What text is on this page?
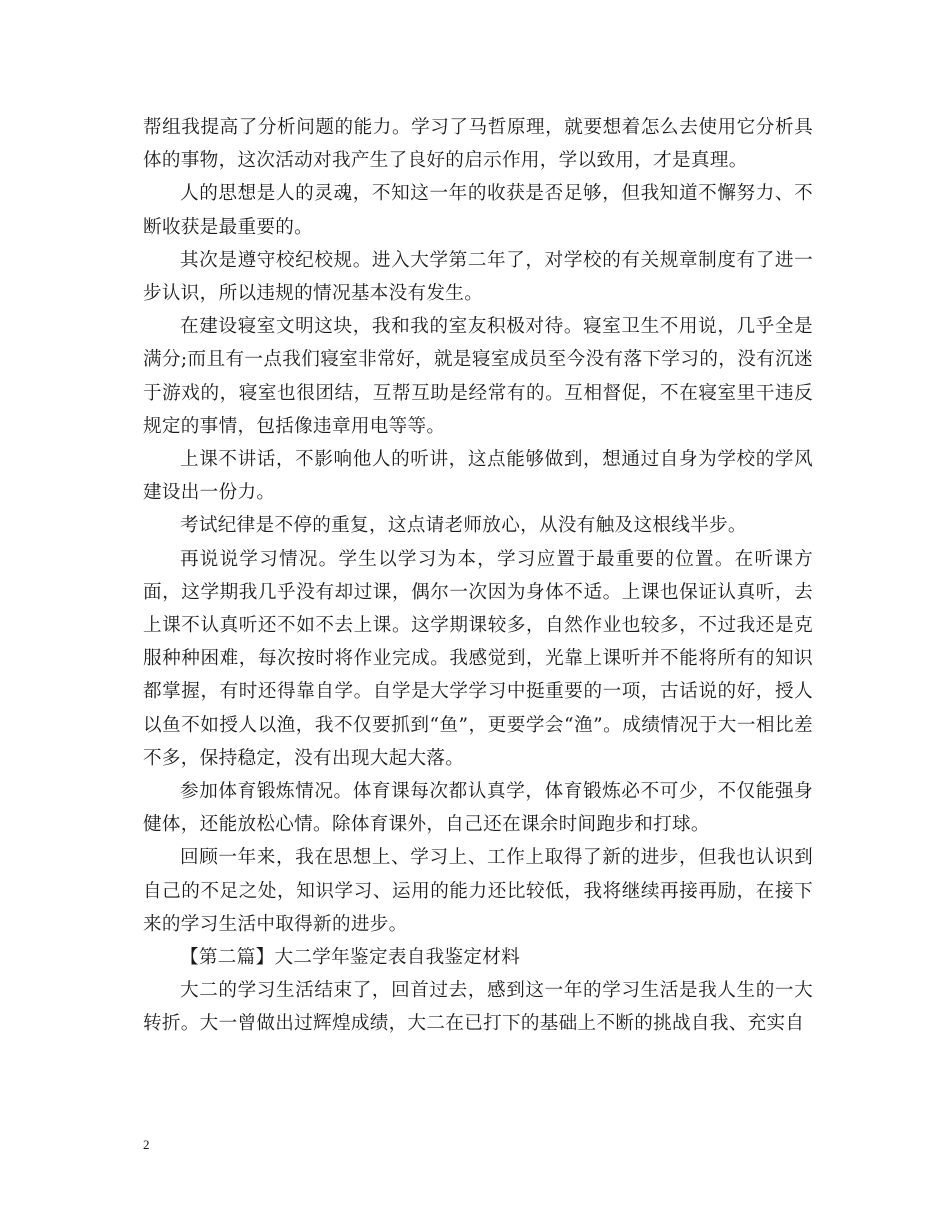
帮组我提高了分析问题的能力。学习了马哲原理，就要想着怎么去使用它分析具体的事物，这次活动对我产生了良好的启示作用，学以致用，才是真理。

人的思想是人的灵魂，不知这一年的收获是否足够，但我知道不懈努力、不断收获是最重要的。

其次是遵守校纪校规。进入大学第二年了，对学校的有关规章制度有了进一步认识，所以违规的情况基本没有发生。

在建设寝室文明这块，我和我的室友积极对待。寝室卫生不用说，几乎全是满分;而且有一点我们寝室非常好，就是寝室成员至今没有落下学习的，没有沉迷于游戏的，寝室也很团结，互帮互助是经常有的。互相督促，不在寝室里干违反规定的事情，包括像违章用电等等。

上课不讲话，不影响他人的听讲，这点能够做到，想通过自身为学校的学风建设出一份力。

考试纪律是不停的重复，这点请老师放心，从没有触及这根线半步。

再说说学习情况。学生以学习为本，学习应置于最重要的位置。在听课方面，这学期我几乎没有却过课，偶尔一次因为身体不适。上课也保证认真听，去上课不认真听还不如不去上课。这学期课较多，自然作业也较多，不过我还是克服种种困难，每次按时将作业完成。我感觉到，光靠上课听并不能将所有的知识都掌握，有时还得靠自学。自学是大学学习中挺重要的一项，古话说的好，授人以鱼不如授人以渔，我不仅要抓到“鱼”，更要学会“渔”。成绩情况于大一相比差不多，保持稳定，没有出现大起大落。

参加体育锻炼情况。体育课每次都认真学，体育锻炼必不可少，不仅能强身健体，还能放松心情。除体育课外，自己还在课余时间跑步和打球。

回顾一年来，我在思想上、学习上、工作上取得了新的进步，但我也认识到自己的不足之处，知识学习、运用的能力还比较低，我将继续再接再励，在接下来的学习生活中取得新的进步。

【第二篇】大二学年鉴定表自我鉴定材料

大二的学习生活结束了，回首过去，感到这一年的学习生活是我人生的一大转折。大一曾做出过辉煌成绩，大二在已打下的基础上不断的挑战自我、充实自

2
